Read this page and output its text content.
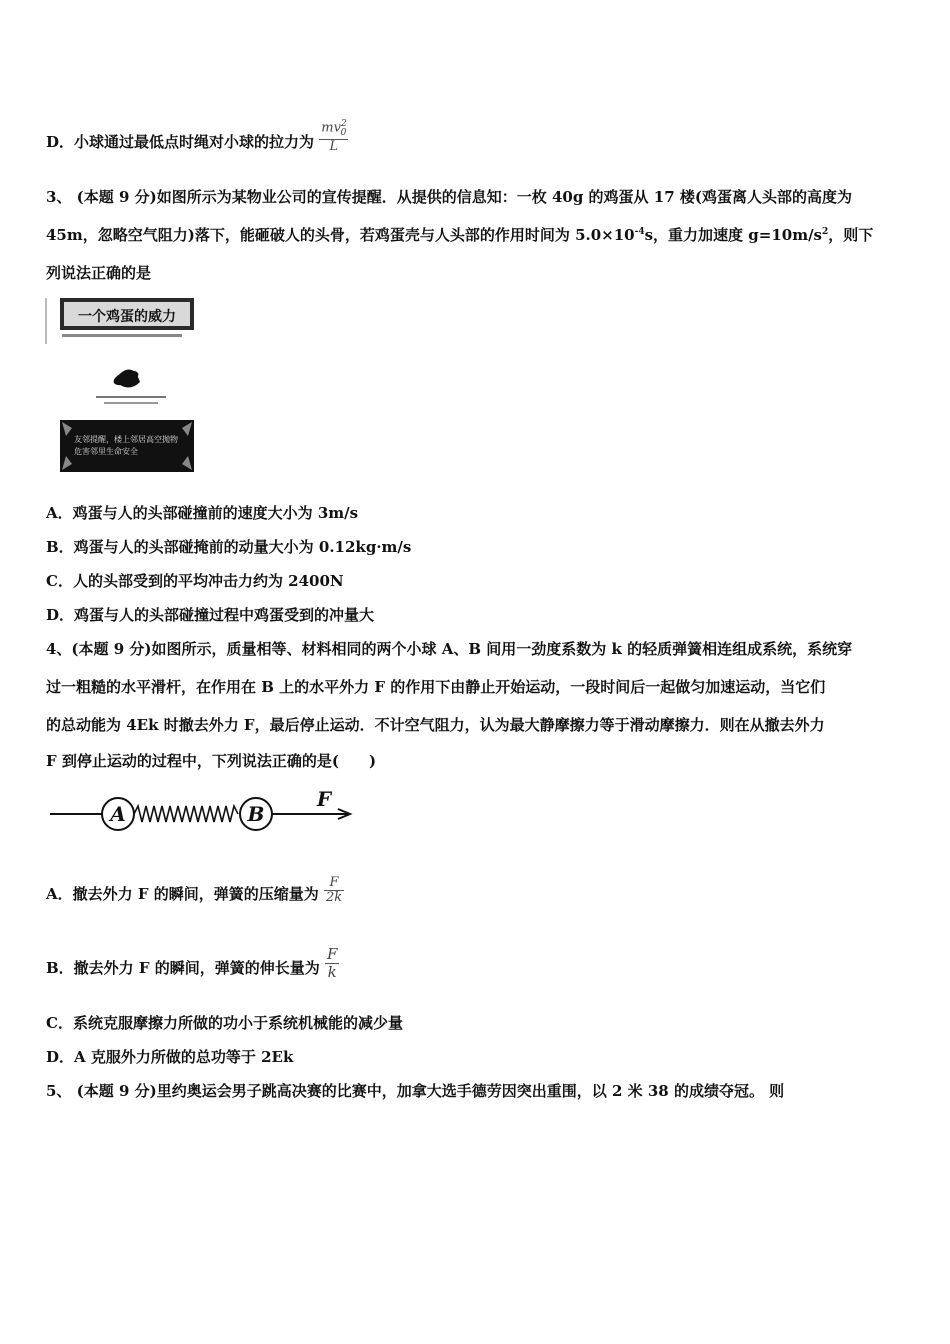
D．小球通过最低点时绳对小球的拉力为 $\frac{mv^2_0}{L}$
3、 (本题 9 分)如图所示为某物业公司的宣传提醒．从提供的信息知：一枚 40g 的鸡蛋从 17 楼(鸡蛋离人头部的高度为
45m，忽略空气阻力)落下，能砸破人的头骨，若鸡蛋壳与人头部的作用时间为 $5.0\times 10^{-4}s$，重力加速度 $g=10m/s^2$，则下
列说法正确的是
一个鸡蛋的威力
友邻提醒，楼上邻居高空抛物危害邻里生命安全
A．鸡蛋与人的头部碰撞前的速度大小为 3m/s
B．鸡蛋与人的头部碰掩前的动量大小为 0.12kg·m/s
C．人的头部受到的平均冲击力约为 2400N
D．鸡蛋与人的头部碰撞过程中鸡蛋受到的冲量大
4、(本题 9 分)如图所示，质量相等、材料相同的两个小球 A、B 间用一劲度系数为 k 的轻质弹簧相连组成系统，系统穿
过一粗糙的水平滑杆，在作用在 B 上的水平外力 F 的作用下由静止开始运动，一段时间后一起做匀加速运动，当它们
的总动能为 4Ek 时撤去外力 F，最后停止运动．不计空气阻力，认为最大静摩擦力等于滑动摩擦力．则在从撤去外力
F 到停止运动的过程中，下列说法正确的是(　　)
A	B
F
A．撤去外力 F 的瞬间，弹簧的压缩量为 $\frac{F}{2k}$
B．撤去外力 F 的瞬间，弹簧的伸长量为 $\frac{F}{k}$
C．系统克服摩擦力所做的功小于系统机械能的减少量
D．A 克服外力所做的总功等于 2Ek
5、 (本题 9 分)里约奥运会男子跳高决赛的比赛中，加拿大选手德劳因突出重围，以 2 米 38 的成绩夺冠。 则
